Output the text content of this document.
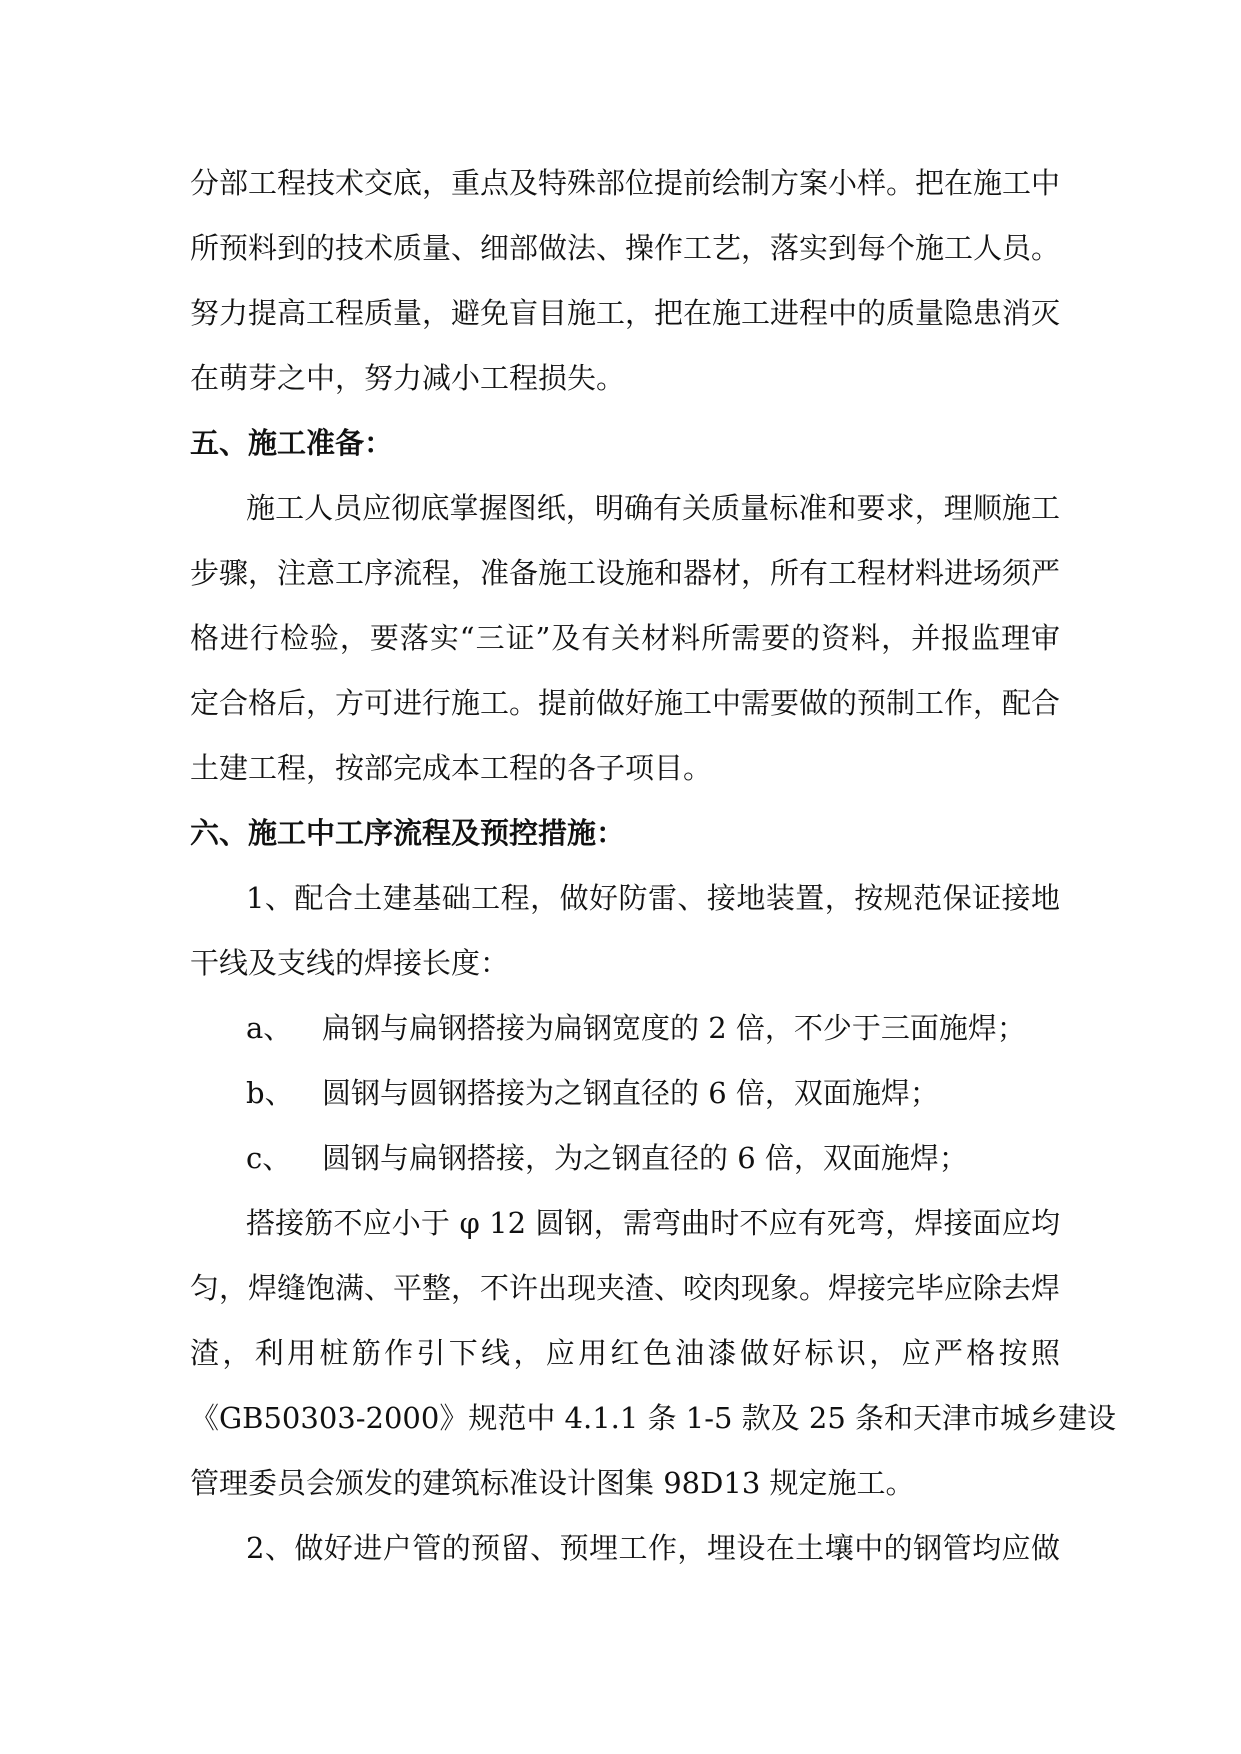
分部工程技术交底，重点及特殊部位提前绘制方案小样。把在施工中
所预料到的技术质量、细部做法、操作工艺，落实到每个施工人员。
努力提高工程质量，避免盲目施工，把在施工进程中的质量隐患消灭
在萌芽之中，努力减小工程损失。
五、施工准备：
施工人员应彻底掌握图纸，明确有关质量标准和要求，理顺施工
步骤，注意工序流程，准备施工设施和器材，所有工程材料进场须严
格进行检验，要落实“三证”及有关材料所需要的资料，并报监理审
定合格后，方可进行施工。提前做好施工中需要做的预制工作，配合
土建工程，按部完成本工程的各子项目。
六、施工中工序流程及预控措施：
1、配合土建基础工程，做好防雷、接地装置，按规范保证接地
干线及支线的焊接长度：
a、 扁钢与扁钢搭接为扁钢宽度的 2 倍，不少于三面施焊；
b、 圆钢与圆钢搭接为之钢直径的 6 倍，双面施焊；
c、 圆钢与扁钢搭接，为之钢直径的 6 倍，双面施焊；
搭接筋不应小于 φ 12 圆钢，需弯曲时不应有死弯，焊接面应均
匀，焊缝饱满、平整，不许出现夹渣、咬肉现象。焊接完毕应除去焊
渣，利用桩筋作引下线，应用红色油漆做好标识，应严格按照
《GB50303-2000》规范中 4.1.1 条 1-5 款及 25 条和天津市城乡建设
管理委员会颁发的建筑标准设计图集 98D13 规定施工。
2、做好进户管的预留、预埋工作，埋设在土壤中的钢管均应做
